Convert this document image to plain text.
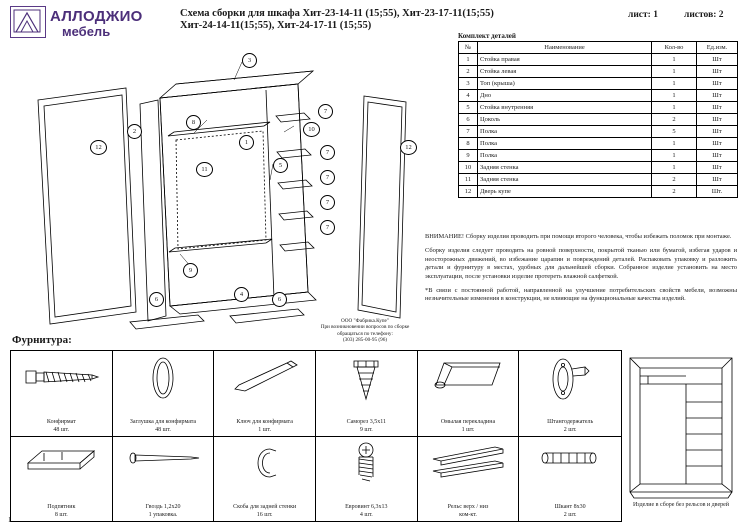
АЛЛОДЖИО
мебель
Схема сборки для шкафа Хит-23-14-11 (15;55), Хит-23-17-11(15;55)
Хит-24-14-11(15;55), Хит-24-17-11 (15;55)
лист: 1	листов: 2
Комплект деталей
№	Наименование	Кол-во	Ед.изм.
1	Стойка правая	1	Шт
2	Стойка левая	1	Шт
3	Топ (крыша)	1	Шт
4	Дно	1	Шт
5	Стойка внутренняя	1	Шт
6	Цоколь	2	Шт
7	Полка	5	Шт
8	Полка	1	Шт
9	Полка	1	Шт
10	Задняя стенка	1	Шт
11	Задняя стенка	2	Шт
12	Дверь купе	2	Шт.

ВНИМАНИЕ! Сборку изделия проводить при помощи второго человека, чтобы избежать поломок при монтаже.

Сборку изделия следует проводить на ровной поверхности, покрытой тканью или бумагой, избегая ударов и неосторожных движений, во избежание царапин и повреждений деталей. Распаковать упаковку и разложить детали и фурнитуру в местах, удобных для дальнейшей сборки. Собранное изделие установить на место эксплуатации, после установки изделие протереть влажной салфеткой.

*В связи с постоянной работой, направленной на улучшение потребительских свойств мебели, возможны незначительные изменения в конструкции, не влияющие на функциональные качества изделий.

12
2
8
3
10
7
7
7
7
7
5
11
12
9
4
6	6
1
ООО "Фабрика.Купе"
При возникновении вопросов по сборке
обращаться по телефону:
(303) 285-00-95 (96)
Фурнитура:
Конфирмат
48 шт.
Заглушка для конфирмата
48 шт.
Ключ для конфирмата
1 шт.
Саморез 3,5х11
9 шт.
Омылая перекладина
1 шт.
Штангодержатель
2 шт.
Подпятник
8 шт.
Гвоздь 1,2х20
1 упаковка.
Скоба для задней стенки
16 шт.
Евровинт 6,3х13
4 шт.
Рельс верх / низ
ком-кт.
Шкант 8х30
2 шт.
Изделие в сборе без рельсов и дверей
1
